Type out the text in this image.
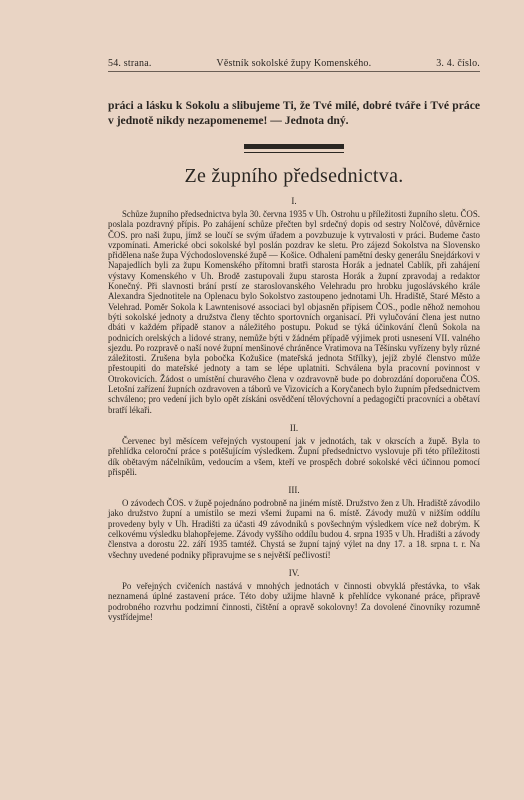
54. strana.	Věstník sokolské župy Komenského.	3. 4. číslo.

práci a lásku k Sokolu a slibujeme Ti, že Tvé milé, dobré tváře i Tvé práce v jednotě nikdy nezapomeneme! — Jednota dný.

Ze župního předsednictva.
I.

Schůze župního předsednictva byla 30. června 1935 v Uh. Ostrohu u příležitosti župního sletu. ČOS. poslala pozdravný přípis. Po zahájení schůze přečten byl srdečný dopis od sestry Nolčové, důvěrnice ČOS. pro naši župu, jímž se loučí se svým úřadem a povzbuzuje k vytrvalosti v práci. Budeme často vzpomínati. Americké obci sokolské byl poslán pozdrav ke sletu. Pro zájezd Sokolstva na Slovensko přidělena naše župa Východoslovenské župě — Košice. Odhalení pamětní desky generálu Snejdárkovi v Napajedlích byli za župu Komenského přítomni bratři starosta Horák a jednatel Cablík, při zahájení výstavy Komenského v Uh. Brodě zastupovali župu starosta Horák a župní zpravodaj a redaktor Konečný. Při slavnosti brání prstí ze staroslovanského Velehradu pro hrobku jugoslávského krále Alexandra Sjednotitele na Oplenacu bylo Sokolstvo zastoupeno jednotami Uh. Hradiště, Staré Město a Velehrad. Poměr Sokola k Lawntenisové associaci byl objasněn přípisem ČOS., podle něhož nemohou býti sokolské jednoty a družstva členy těchto sportovních organisací. Při vylučování člena jest nutno dbáti v každém případě stanov a náležitého postupu. Pokud se týká účinkování členů Sokola na podnicích orelských a lidové strany, nemůže býti v žádném případě výjimek proti usnesení VII. valného sjezdu. Po rozpravě o naší nové župní menšinové chráněnce Vratimova na Těšínsku vyřízeny byly různé záležitosti. Zrušena byla pobočka Kožušice (mateřská jednota Střílky), jejíž zbylé členstvo může přestoupiti do mateřské jednoty a tam se lépe uplatniti. Schválena byla pracovní povinnost v Otrokovicích. Žádost o umístění churavého člena v ozdravovně bude po dobrozdání doporučena ČOS. Letošní zařízení župních ozdravoven a táborů ve Vizovicích a Koryčanech bylo župním předsednictvem schváleno; pro vedení jich bylo opět získáni osvědčení tělovýchovní a pedagogičtí pracovníci a obětaví bratří lékaři.

II.

Červenec byl měsícem veřejných vystoupení jak v jednotách, tak v okrscích a župě. Byla to přehlídka celoroční práce s potěšujícím výsledkem. Župní předsednictvo vyslovuje při této příležitosti dík obětavým náčelníkům, vedoucím a všem, kteří ve prospěch dobré sokolské věci účinnou pomocí přispěli.

III.

O závodech ČOS. v župě pojednáno podrobně na jiném místě. Družstvo žen z Uh. Hradiště závodilo jako družstvo župní a umístilo se mezi všemi župami na 6. místě. Závody mužů v nižším oddílu provedeny byly v Uh. Hradišti za účasti 49 závodníků s povšechným výsledkem více než dobrým. K celkovému výsledku blahopřejeme. Závody vyššího oddílu budou 4. srpna 1935 v Uh. Hradišti a závody členstva a dorostu 22. září 1935 tamtéž. Chystá se župní tajný výlet na dny 17. a 18. srpna t. r. Na všechny uvedené podniky připravujme se s největší pečlivostí!

IV.

Po veřejných cvičeních nastává v mnohých jednotách v činnosti obvyklá přestávka, to však neznamená úplné zastavení práce. Této doby užijme hlavně k přehlídce vykonané práce, připravě podrobného rozvrhu podzimní činnosti, čištění a opravě sokolovny! Za dovolené činovníky rozumně vystřídejme!
